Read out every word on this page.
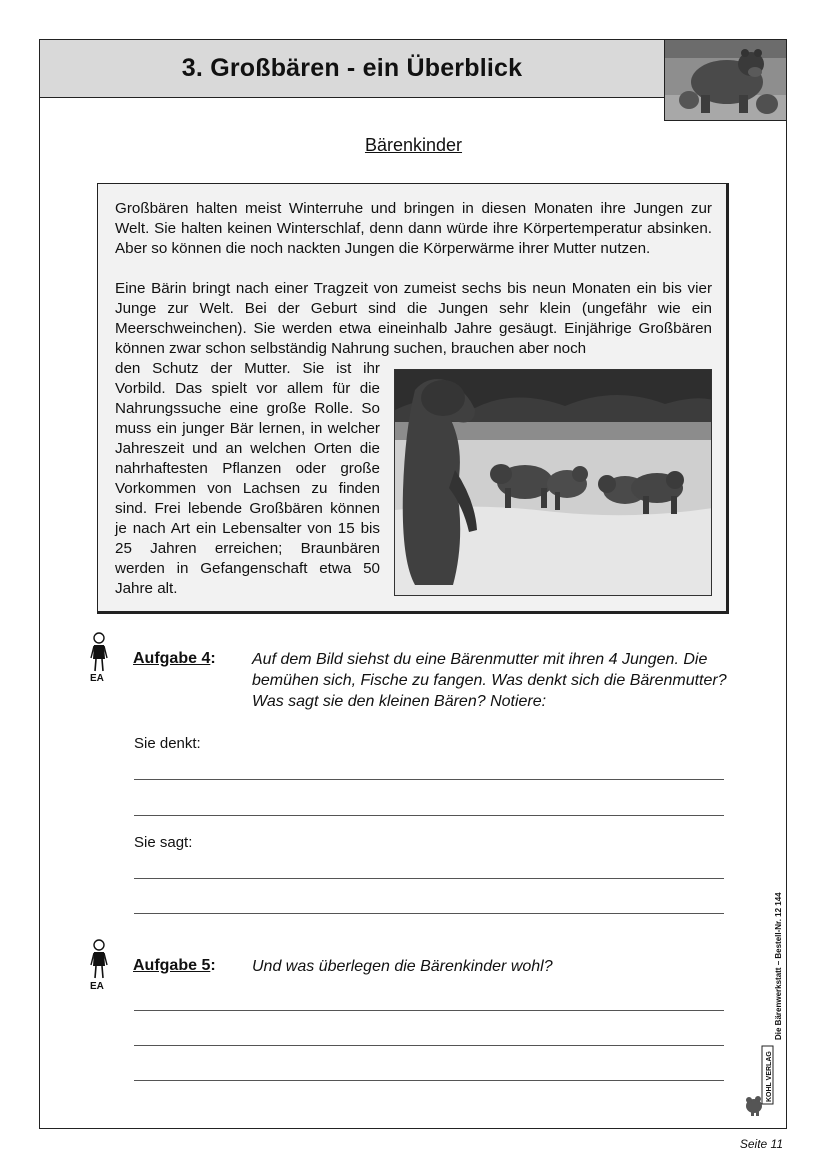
3. Großbären - ein Überblick
Bärenkinder
Großbären halten meist Winterruhe und bringen in diesen Monaten ihre Jungen zur Welt. Sie halten keinen Winterschlaf, denn dann würde ihre Körpertemperatur absinken. Aber so können die noch nackten Jungen die Körperwärme ihrer Mutter nutzen.
Eine Bärin bringt nach einer Tragzeit von zumeist sechs bis neun Monaten ein bis vier Junge zur Welt. Bei der Geburt sind die Jungen sehr klein (ungefähr wie ein Meerschweinchen). Sie werden etwa eineinhalb Jahre gesäugt. Einjährige Großbären können zwar schon selbständig Nahrung suchen, brauchen aber noch
den Schutz der Mutter. Sie ist ihr Vorbild. Das spielt vor allem für die Nahrungssuche eine große Rolle. So muss ein junger Bär lernen, in welcher Jahreszeit und an welchen Orten die nahrhaftesten Pflanzen oder große Vorkommen von Lachsen zu finden sind. Frei lebende Großbären können je nach Art ein Lebensalter von 15 bis 25 Jahren erreichen; Braunbären werden in Gefangenschaft etwa 50 Jahre alt.
EA
Aufgabe 4: Auf dem Bild siehst du eine Bärenmutter mit ihren 4 Jungen. Die bemühen sich, Fische zu fangen. Was denkt sich die Bärenmutter? Was sagt sie den kleinen Bären? Notiere:
Sie denkt:
Sie sagt:
EA
Aufgabe 5: Und was überlegen die Bärenkinder wohl?	Die Bärenwerkstatt – Bestell-Nr. 12 144
KOHL VERLAG
Seite 11
